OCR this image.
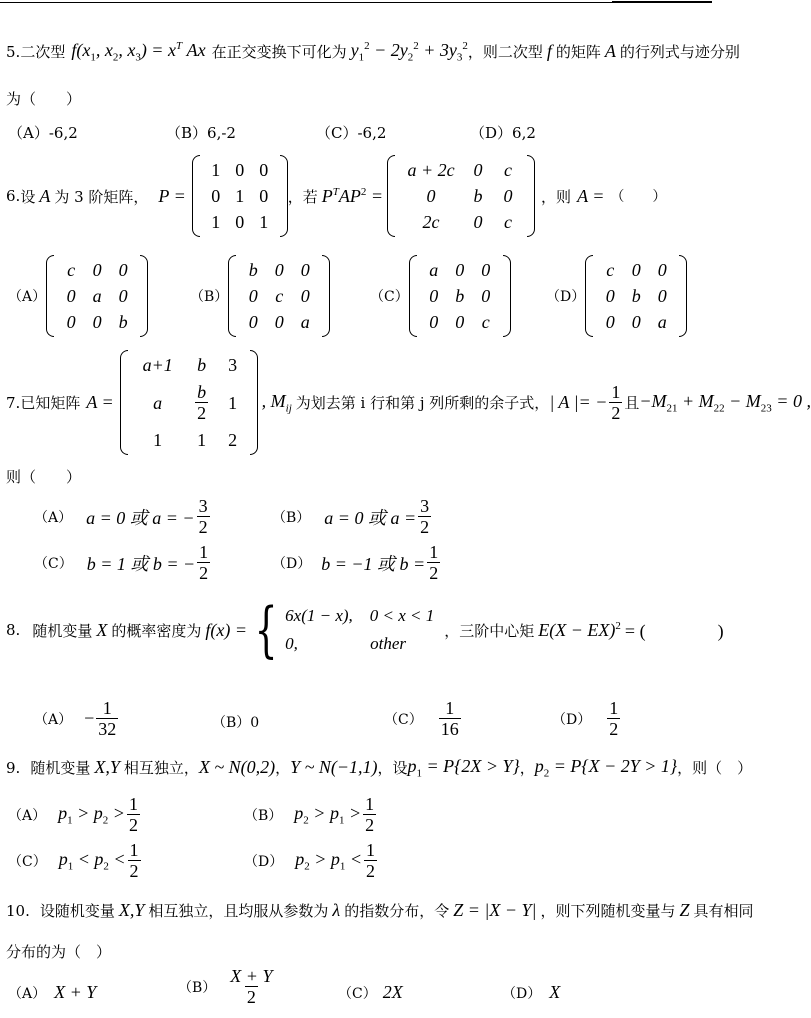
5. 二次型 $f(x_1$, $x_2$, $x_3) = x^T$ Ax 在正交变换下可化为 $y_1^2 - 2y_2^2 + 3y_3^2$ ，则二次型 f 的矩阵 A 的行列式与迹分别
为（　　）
（A）-6,2	（B）6,-2	（C）-6,2	（D）6,2
6. 设 A 为 3 阶矩阵， P =
1 0 0
0 1 0
1 0 1
，若 $P^TAP^2$ =
a + 2c 0 c
0 b 0
2c 0 c
，则 A = （　　）
（A）
c 0 0
0 a 0
0 0 b
（B）
b 0 0
0 c 0
0 0 a
（C）
a 0 0
0 b 0
0 0 c
（D）
c 0 0
0 b 0
0 0 a
7. 已知矩阵 A =
a+1 b 3
a $\frac{b}{2} 1$
1 1 2
, $M_{ij}$ 为划去第 i 行和第 j 列所剩的余子式， | A |= − $\frac{1}{2}$ 且 $-M_{21} + M_{22} - M_{23} = 0$ ,
则（　　）
（A） a = 0 或 a = − $\frac{3}{2}$	（B） a = 0 或 $a = \frac{3}{2}$
（C） b = 1 或 b = − $\frac{1}{2}$	（D） b = −1 或 $b = \frac{1}{2}$
8. 随机变量 X 的概率密度为 f(x) = { 6x(1 − x),　0 < x < 1
0,　　　　 other
，三阶中心矩 E(X − EX)$^2$ = (　　　　)
$(A) - \frac{1}{32}$	（B）0	$(C) \frac{1}{16}$	$(D) \frac{1}{2}$
9. 随机变量 X,Y 相互独立， X ~ N(0,2) ， Y ~ N(−1,1) ，设 $p_1 = P\{2X > Y\}$ ， $p_2 = P\{X - 2Y > 1\}$ ，则（　）
（A） $p_1 > p_2 > \frac{1}{2}$	（B） $p_2 > p_1 > \frac{1}{2}$
（C） $p_1 < p_2 < \frac{1}{2}$	（D） $p_2 > p_1 < \frac{1}{2}$
10. 设随机变量 X,Y 相互独立，且均服从参数为 λ 的指数分布，令 Z = |X − Y| ，则下列随机变量与 Z 具有相同
分布的为（　）
（A） X + Y	$(B) \frac{X + Y}{2}$	（C） 2X	（D） X
